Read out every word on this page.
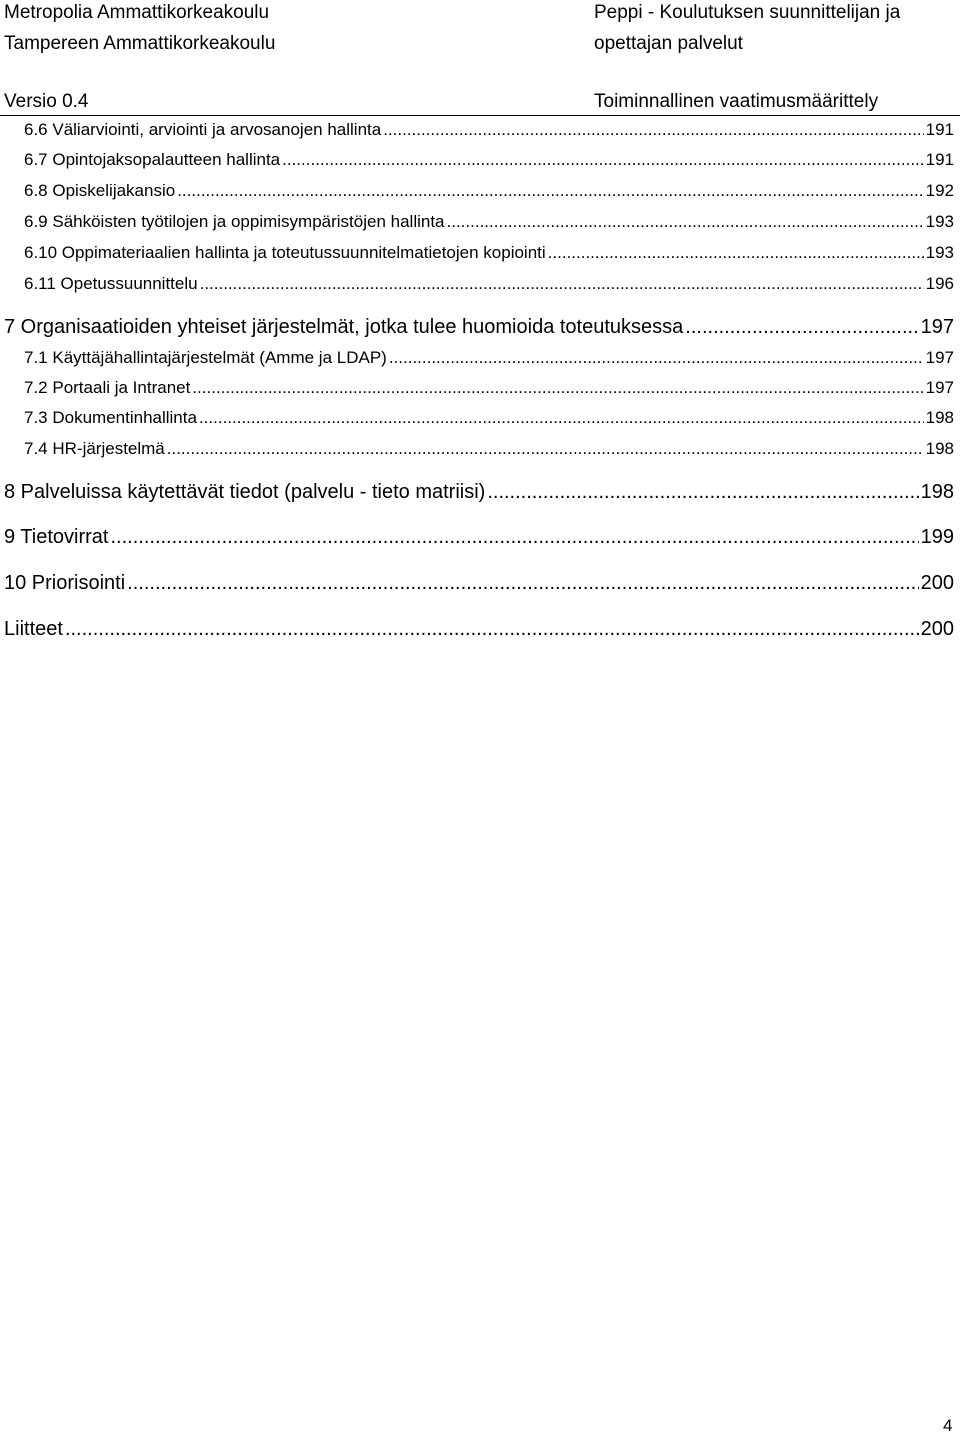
Metropolia Ammattikorkeakoulu
Tampereen Ammattikorkeakoulu
Peppi - Koulutuksen suunnittelijan ja
opettajan palvelut
Versio 0.4	Toiminnallinen vaatimusmäärittely
6.6 Väliarviointi, arviointi ja arvosanojen hallinta .....	191
6.7 Opintojaksopalautteen hallinta .....	191
6.8 Opiskelijakansio .....	192
6.9 Sähköisten työtilojen ja oppimisympäristöjen hallinta .....	193
6.10 Oppimateriaalien hallinta ja toteutussuunnitelmatietojen kopiointi .....	193
6.11 Opetussuunnittelu .....	196
7 Organisaatioiden yhteiset järjestelmät, jotka tulee huomioida toteutuksessa .....	197
7.1 Käyttäjähallintajärjestelmät (Amme ja LDAP) .....	197
7.2 Portaali ja Intranet .....	197
7.3 Dokumentinhallinta .....	198
7.4 HR-järjestelmä .....	198
8 Palveluissa käytettävät tiedot (palvelu - tieto matriisi) .....	198
9 Tietovirrat .....	199
10 Priorisointi .....	200
Liitteet .....	200
4
